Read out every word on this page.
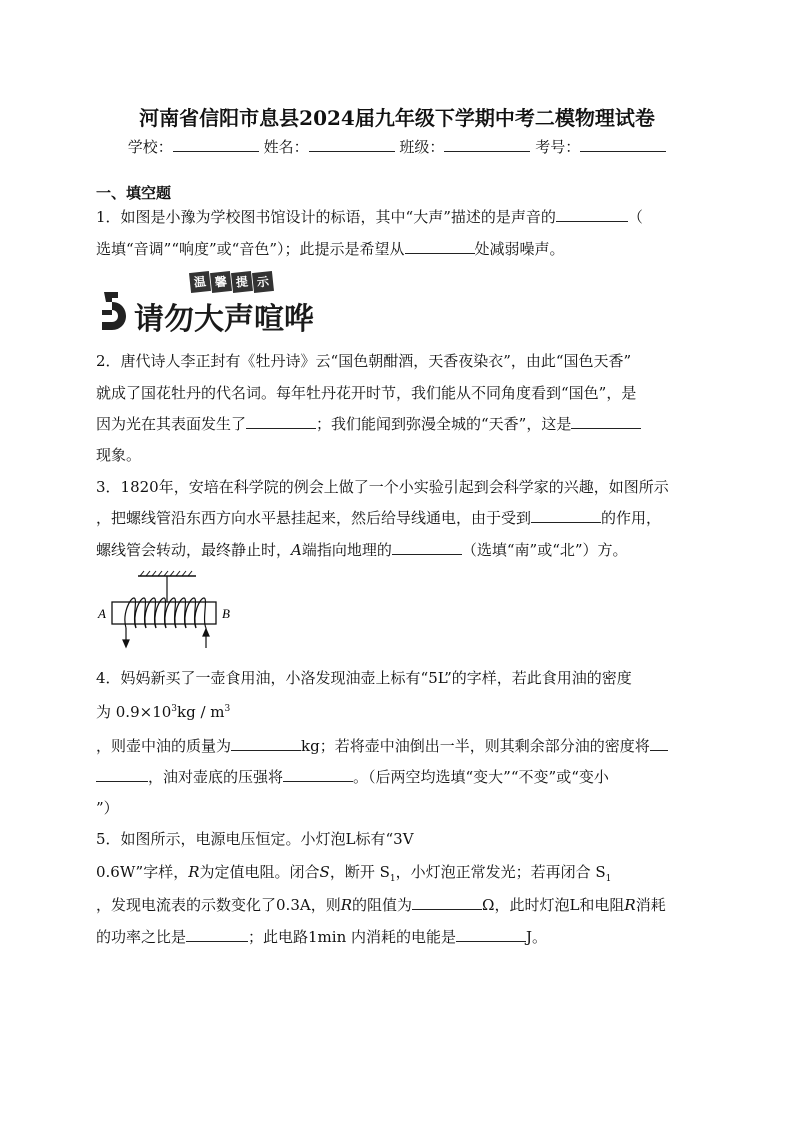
河南省信阳市息县2024届九年级下学期中考二模物理试卷
学校：	姓名：	班级：	考号：
一、填空题
1．如图是小豫为学校图书馆设计的标语，其中“大声”描述的是声音的	（
选填“音调”“响度”或“音色”）；此提示是希望从	处减弱噪声。
温 馨 提 示
请勿大声喧哗
2．唐代诗人李正封有《牡丹诗》云“国色朝酣酒，天香夜染衣”，由此“国色天香”
就成了国花牡丹的代名词。每年牡丹花开时节，我们能从不同角度看到“国色”，是
因为光在其表面发生了	；我们能闻到弥漫全城的“天香”，这是
现象。
3．1820年，安培在科学院的例会上做了一个小实验引起到会科学家的兴趣，如图所示
，把螺线管沿东西方向水平悬挂起来，然后给导线通电，由于受到	的作用，
螺线管会转动，最终静止时，A端指向地理的	（选填“南”或“北”）方。
A	B
4．妈妈新买了一壶食用油，小洛发现油壶上标有“5L”的字样，若此食用油的密度
为 $0.9\times 10^3kg / m^3$
，则壶中油的质量为	kg；若将壶中油倒出一半，则其剩余部分油的密度将
，油对壶底的压强将	。（后两空均选填“变大”“不变”或“变小
”）
5．如图所示，电源电压恒定。小灯泡L标有“3V
0.6W”字样，R为定值电阻。闭合S，断开 $S_1$，小灯泡正常发光；若再闭合 $S_1$
，发现电流表的示数变化了0.3A，则R的阻值为	Ω，此时灯泡L和电阻R消耗
的功率之比是	；此电路1min 内消耗的电能是	J。
